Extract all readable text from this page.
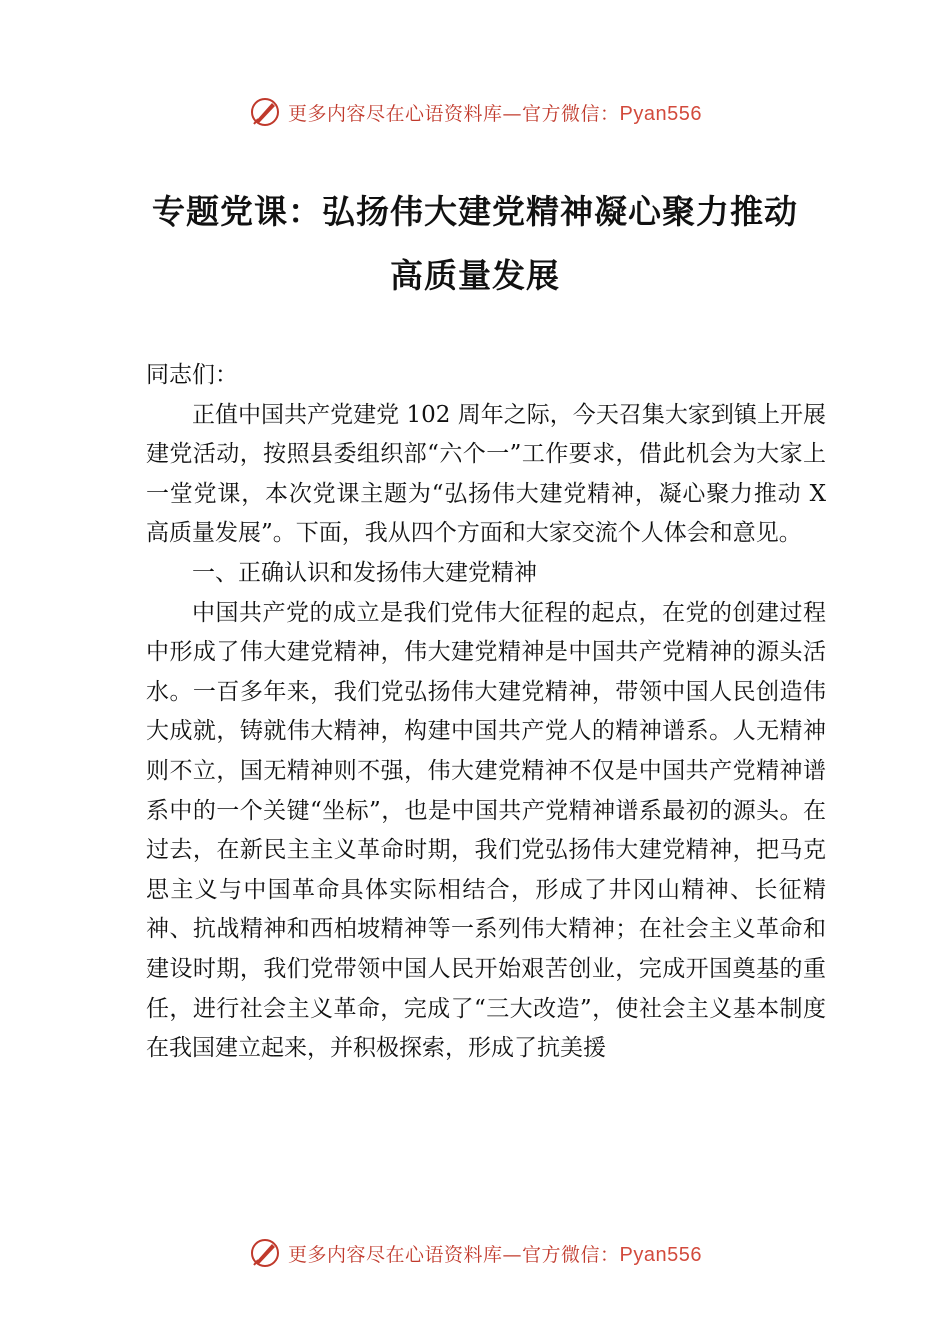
更多内容尽在心语资料库—官方微信：Pyan556
专题党课：弘扬伟大建党精神凝心聚力推动高质量发展

同志们：

正值中国共产党建党 102 周年之际，今天召集大家到镇上开展建党活动，按照县委组织部“六个一”工作要求，借此机会为大家上一堂党课，本次党课主题为“弘扬伟大建党精神，凝心聚力推动 X 高质量发展”。下面，我从四个方面和大家交流个人体会和意见。

一、正确认识和发扬伟大建党精神

中国共产党的成立是我们党伟大征程的起点，在党的创建过程中形成了伟大建党精神，伟大建党精神是中国共产党精神的源头活水。一百多年来，我们党弘扬伟大建党精神，带领中国人民创造伟大成就，铸就伟大精神，构建中国共产党人的精神谱系。人无精神则不立，国无精神则不强，伟大建党精神不仅是中国共产党精神谱系中的一个关键“坐标”，也是中国共产党精神谱系最初的源头。在过去，在新民主主义革命时期，我们党弘扬伟大建党精神，把马克思主义与中国革命具体实际相结合，形成了井冈山精神、长征精神、抗战精神和西柏坡精神等一系列伟大精神；在社会主义革命和建设时期，我们党带领中国人民开始艰苦创业，完成开国奠基的重任，进行社会主义革命，完成了“三大改造”，使社会主义基本制度在我国建立起来，并积极探索，形成了抗美援

更多内容尽在心语资料库—官方微信：Pyan556
